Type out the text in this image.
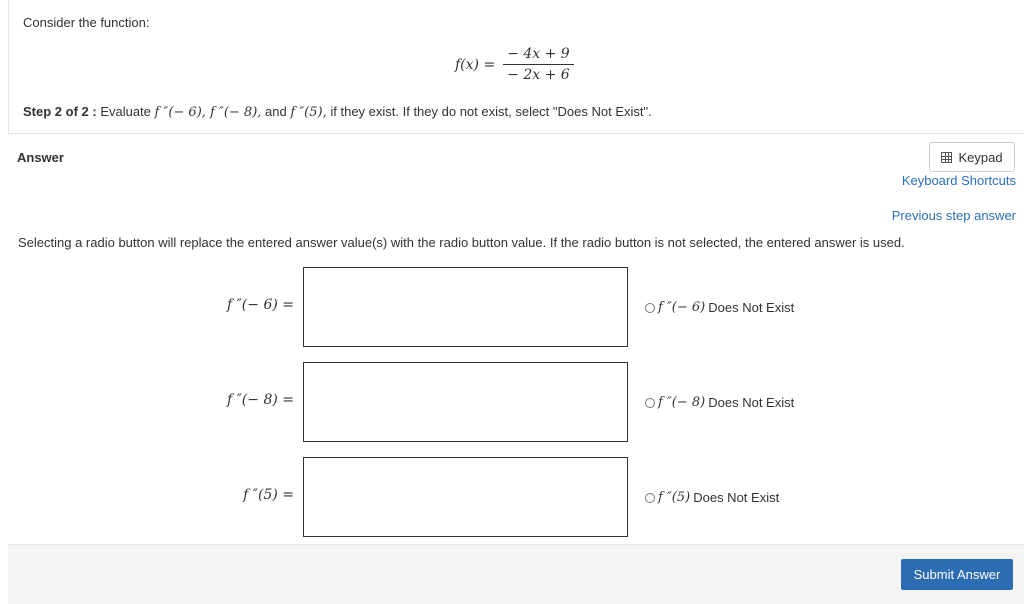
Consider the function:
$f(x) = \frac{- 4x + 9}{- 2x + 6}$
Step 2 of 2 : Evaluate f ″(− 6), f ″(− 8), and f ″(5), if they exist. If they do not exist, select "Does Not Exist".
Answer	Keypad
Keyboard Shortcuts
Previous step answer
Selecting a radio button will replace the entered answer value(s) with the radio button value. If the radio button is not selected, the entered answer is used.
f ″(− 6) =	f ″(− 6) Does Not Exist
f ″(− 8) =	f ″(− 8) Does Not Exist
f ″(5) =	f ″(5) Does Not Exist
Submit Answer
